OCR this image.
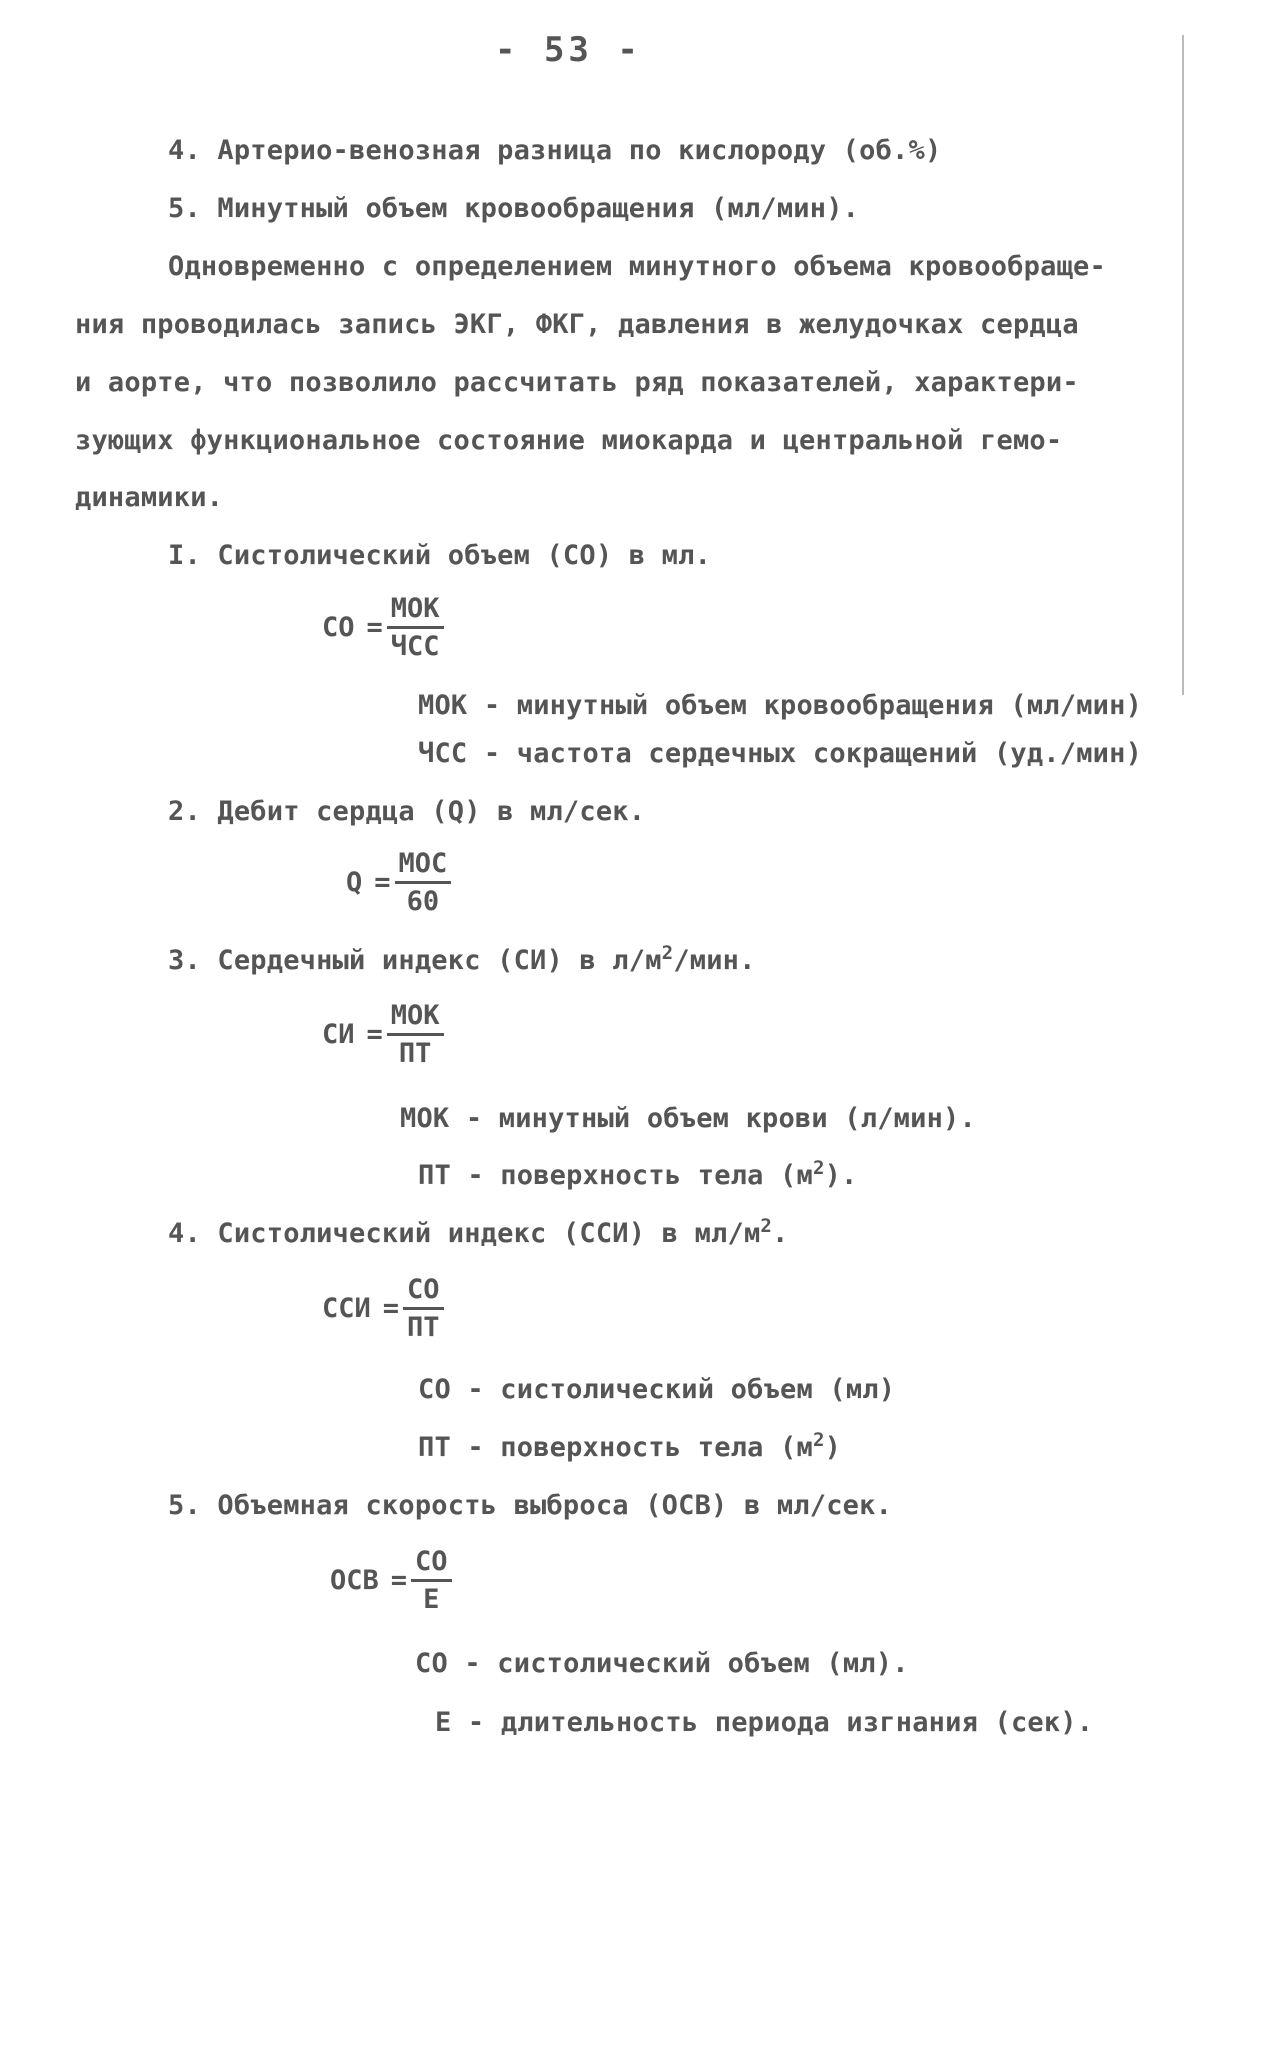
- 53 -
4. Артерио-венозная разница по кислороду (об.%)
5. Минутный объем кровообращения (мл/мин).
Одновременно с определением минутного объема кровообраще-
ния проводилась запись ЭКГ, ФКГ, давления в желудочках сердца
и аорте, что позволило рассчитать ряд показателей, характери-
зующих функциональное состояние миокарда и центральной гемо-
динамики.
I. Систолический объем (СО) в мл.
СО = $\frac{\text{МОК}}{\text{ЧСС}}$
МОК - минутный объем кровообращения (мл/мин)
ЧСС - частота сердечных сокращений (уд./мин)
2. Дебит сердца (Q) в мл/сек.
$Q = \frac{\text{МОС}}{60}$
3. Сердечный индекс (СИ) в $л/м^2$/мин.
СИ = $\frac{\text{МОК}}{ПТ}$
МОК - минутный объем крови (л/мин).
ПТ - поверхность тела $(м^2)$.
4. Систолический индекс (ССИ) в $мл/м^2$.
ССИ = $\frac{СО}{ПТ}$
СО - систолический объем (мл)
ПТ - поверхность тела $(м^2)$
5. Объемная скорость выброса (ОСВ) в мл/сек.
ОСВ = $\frac{СО}{Е}$
СО - систолический объем (мл).
Е - длительность периода изгнания (сек).
